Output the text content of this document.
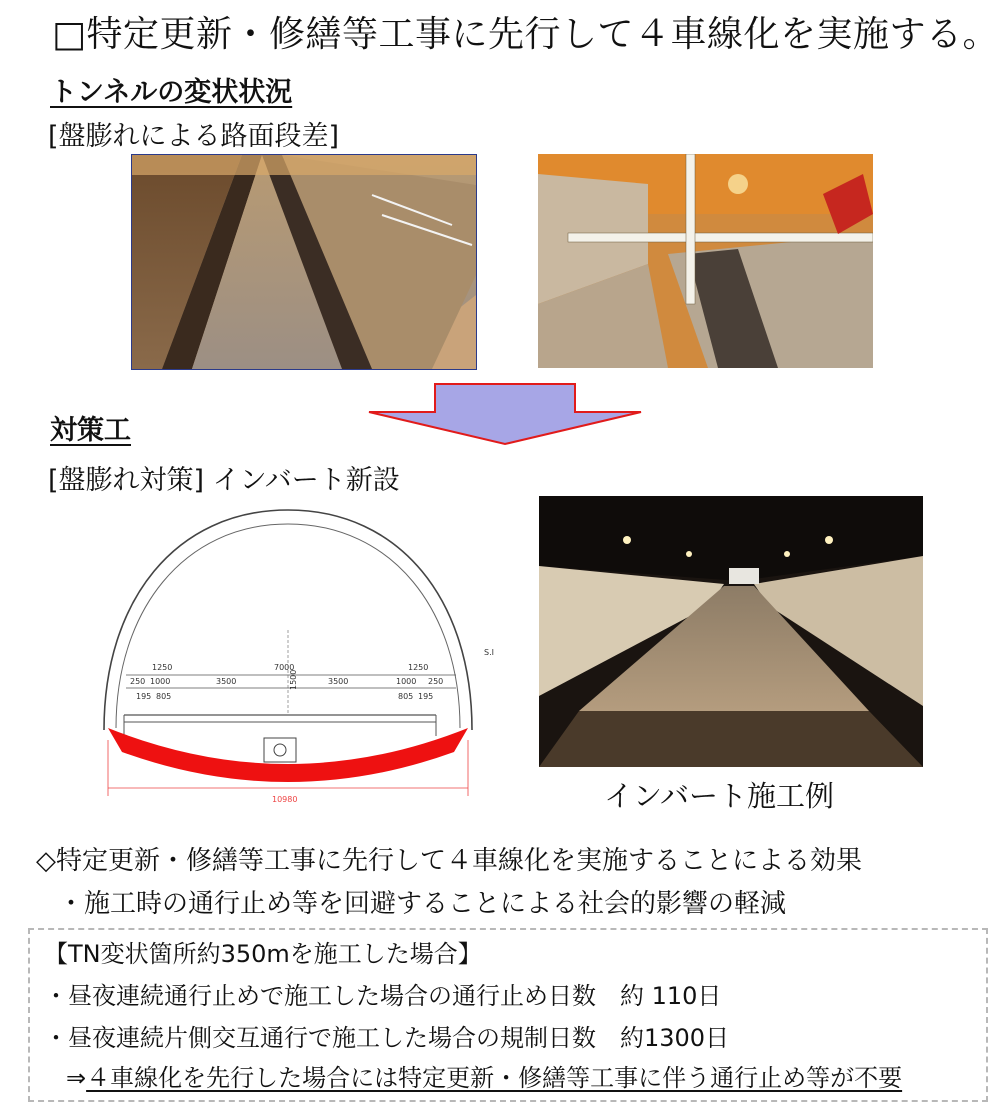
□特定更新・修繕等工事に先行して４車線化を実施する。
トンネルの変状状況
[盤膨れによる路面段差]
対策工
[盤膨れ対策] インバート新設
1250	7000	1250
250 1000	3500	3500	1000 250
195 805	805 195
1500
10980
S.I
インバート施工例
◇特定更新・修繕等工事に先行して４車線化を実施することによる効果
・施工時の通行止め等を回避することによる社会的影響の軽減
【TN変状箇所約350mを施工した場合】
・昼夜連続通行止めで施工した場合の通行止め日数　約 110日
・昼夜連続片側交互通行で施工した場合の規制日数　約1300日
⇒４車線化を先行した場合には特定更新・修繕等工事に伴う通行止め等が不要
